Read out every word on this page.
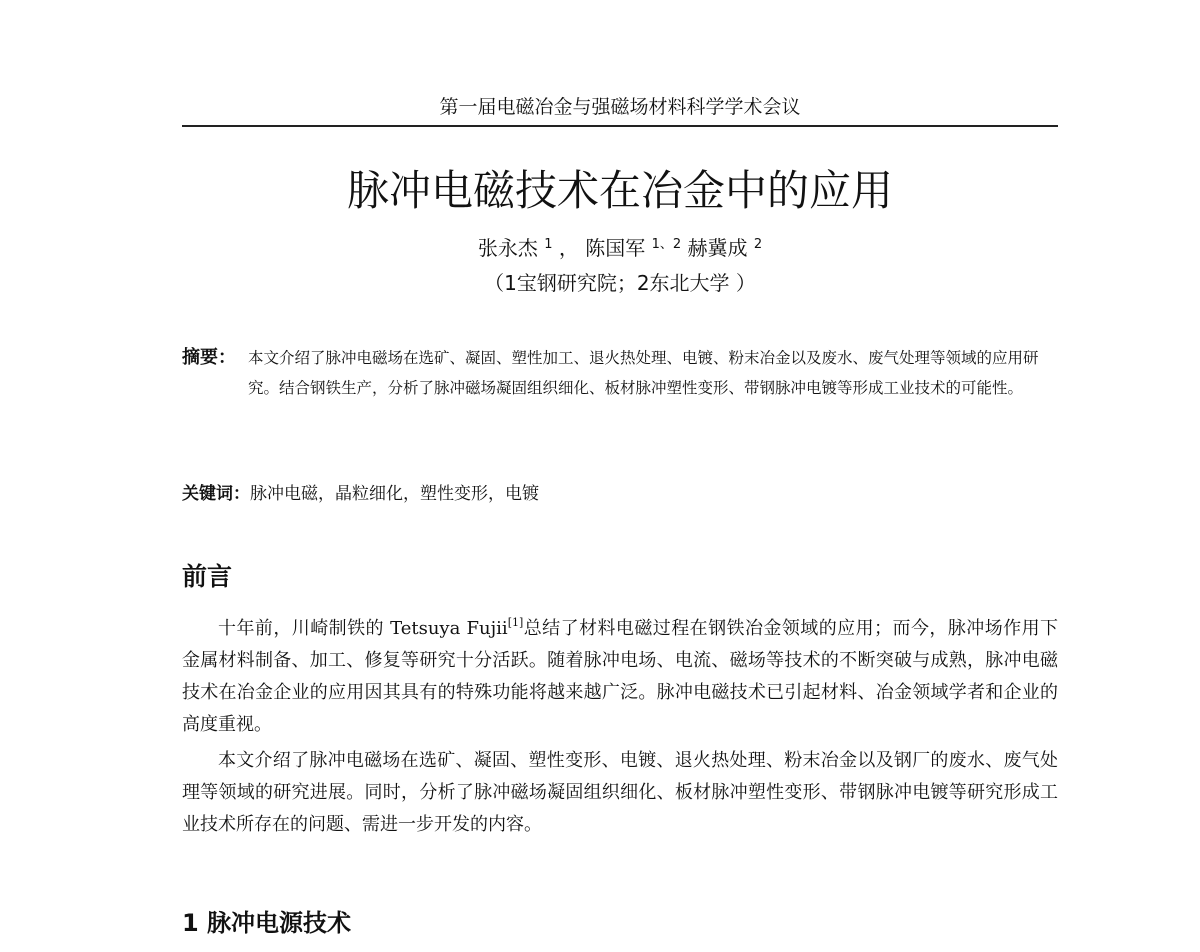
第一届电磁冶金与强磁场材料科学学术会议
脉冲电磁技术在冶金中的应用
张永杰 $^1$ ， 陈国军 $^{1、2}$ 赫冀成 $^2$
（1宝钢研究院；2东北大学 ）
摘要： 本文介绍了脉冲电磁场在选矿、凝固、塑性加工、退火热处理、电镀、粉末冶金以及废水、废气处理等领域的应用研究。结合钢铁生产，分析了脉冲磁场凝固组织细化、板材脉冲塑性变形、带钢脉冲电镀等形成工业技术的可能性。
关键词：脉冲电磁，晶粒细化，塑性变形，电镀
前言

十年前，川崎制铁的 Tetsuya Fujii[1]总结了材料电磁过程在钢铁冶金领域的应用；而今，脉冲场作用下金属材料制备、加工、修复等研究十分活跃。随着脉冲电场、电流、磁场等技术的不断突破与成熟，脉冲电磁技术在冶金企业的应用因其具有的特殊功能将越来越广泛。脉冲电磁技术已引起材料、冶金领域学者和企业的高度重视。

本文介绍了脉冲电磁场在选矿、凝固、塑性变形、电镀、退火热处理、粉末冶金以及钢厂的废水、废气处理等领域的研究进展。同时，分析了脉冲磁场凝固组织细化、板材脉冲塑性变形、带钢脉冲电镀等研究形成工业技术所存在的问题、需进一步开发的内容。

1 脉冲电源技术
